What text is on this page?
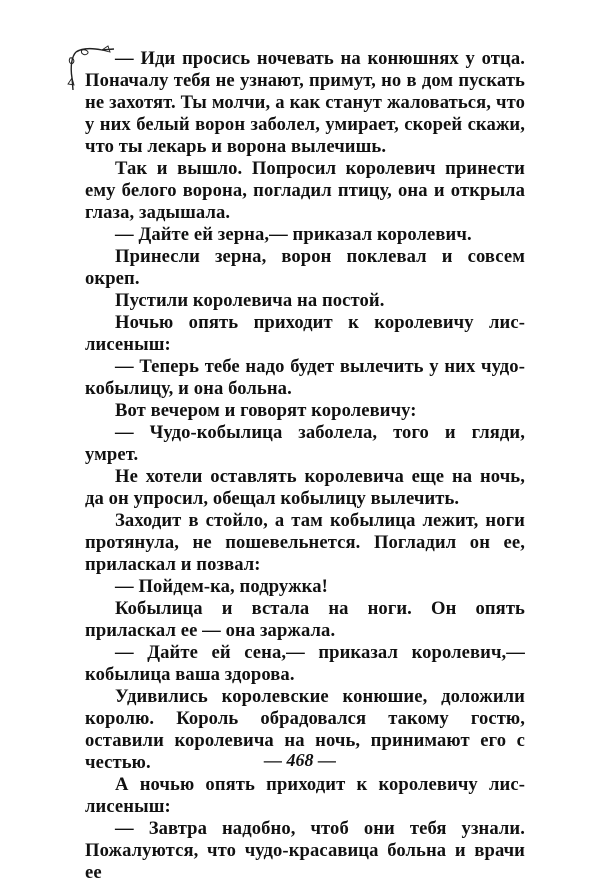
— Иди просись ночевать на конюшнях у отца. Поначалу тебя не узнают, примут, но в дом пускать не захотят. Ты молчи, а как станут жаловаться, что у них белый ворон заболел, умирает, скорей скажи, что ты лекарь и ворона вылечишь.

Так и вышло. Попросил королевич принести ему белого ворона, погладил птицу, она и открыла глаза, задышала.

— Дайте ей зерна,— приказал королевич.

Принесли зерна, ворон поклевал и совсем окреп.

Пустили королевича на постой.

Ночью опять приходит к королевичу лис-лисеныш:

— Теперь тебе надо будет вылечить у них чудо-кобылицу, и она больна.

Вот вечером и говорят королевичу:

— Чудо-кобылица заболела, того и гляди, умрет.

Не хотели оставлять королевича еще на ночь, да он упросил, обещал кобылицу вылечить.

Заходит в стойло, а там кобылица лежит, ноги протянула, не пошевельнется. Погладил он ее, приласкал и позвал:

— Пойдем-ка, подружка!

Кобылица и встала на ноги. Он опять приласкал ее — она заржала.

— Дайте ей сена,— приказал королевич,— кобылица ваша здорова.

Удивились королевские конюшие, доложили королю. Король обрадовался такому гостю, оставили королевича на ночь, принимают его с честью.

А ночью опять приходит к королевичу лис-лисеныш:

— Завтра надобно, чтоб они тебя узнали. Пожалуются, что чудо-красавица больна и врачи ее

— 468 —
